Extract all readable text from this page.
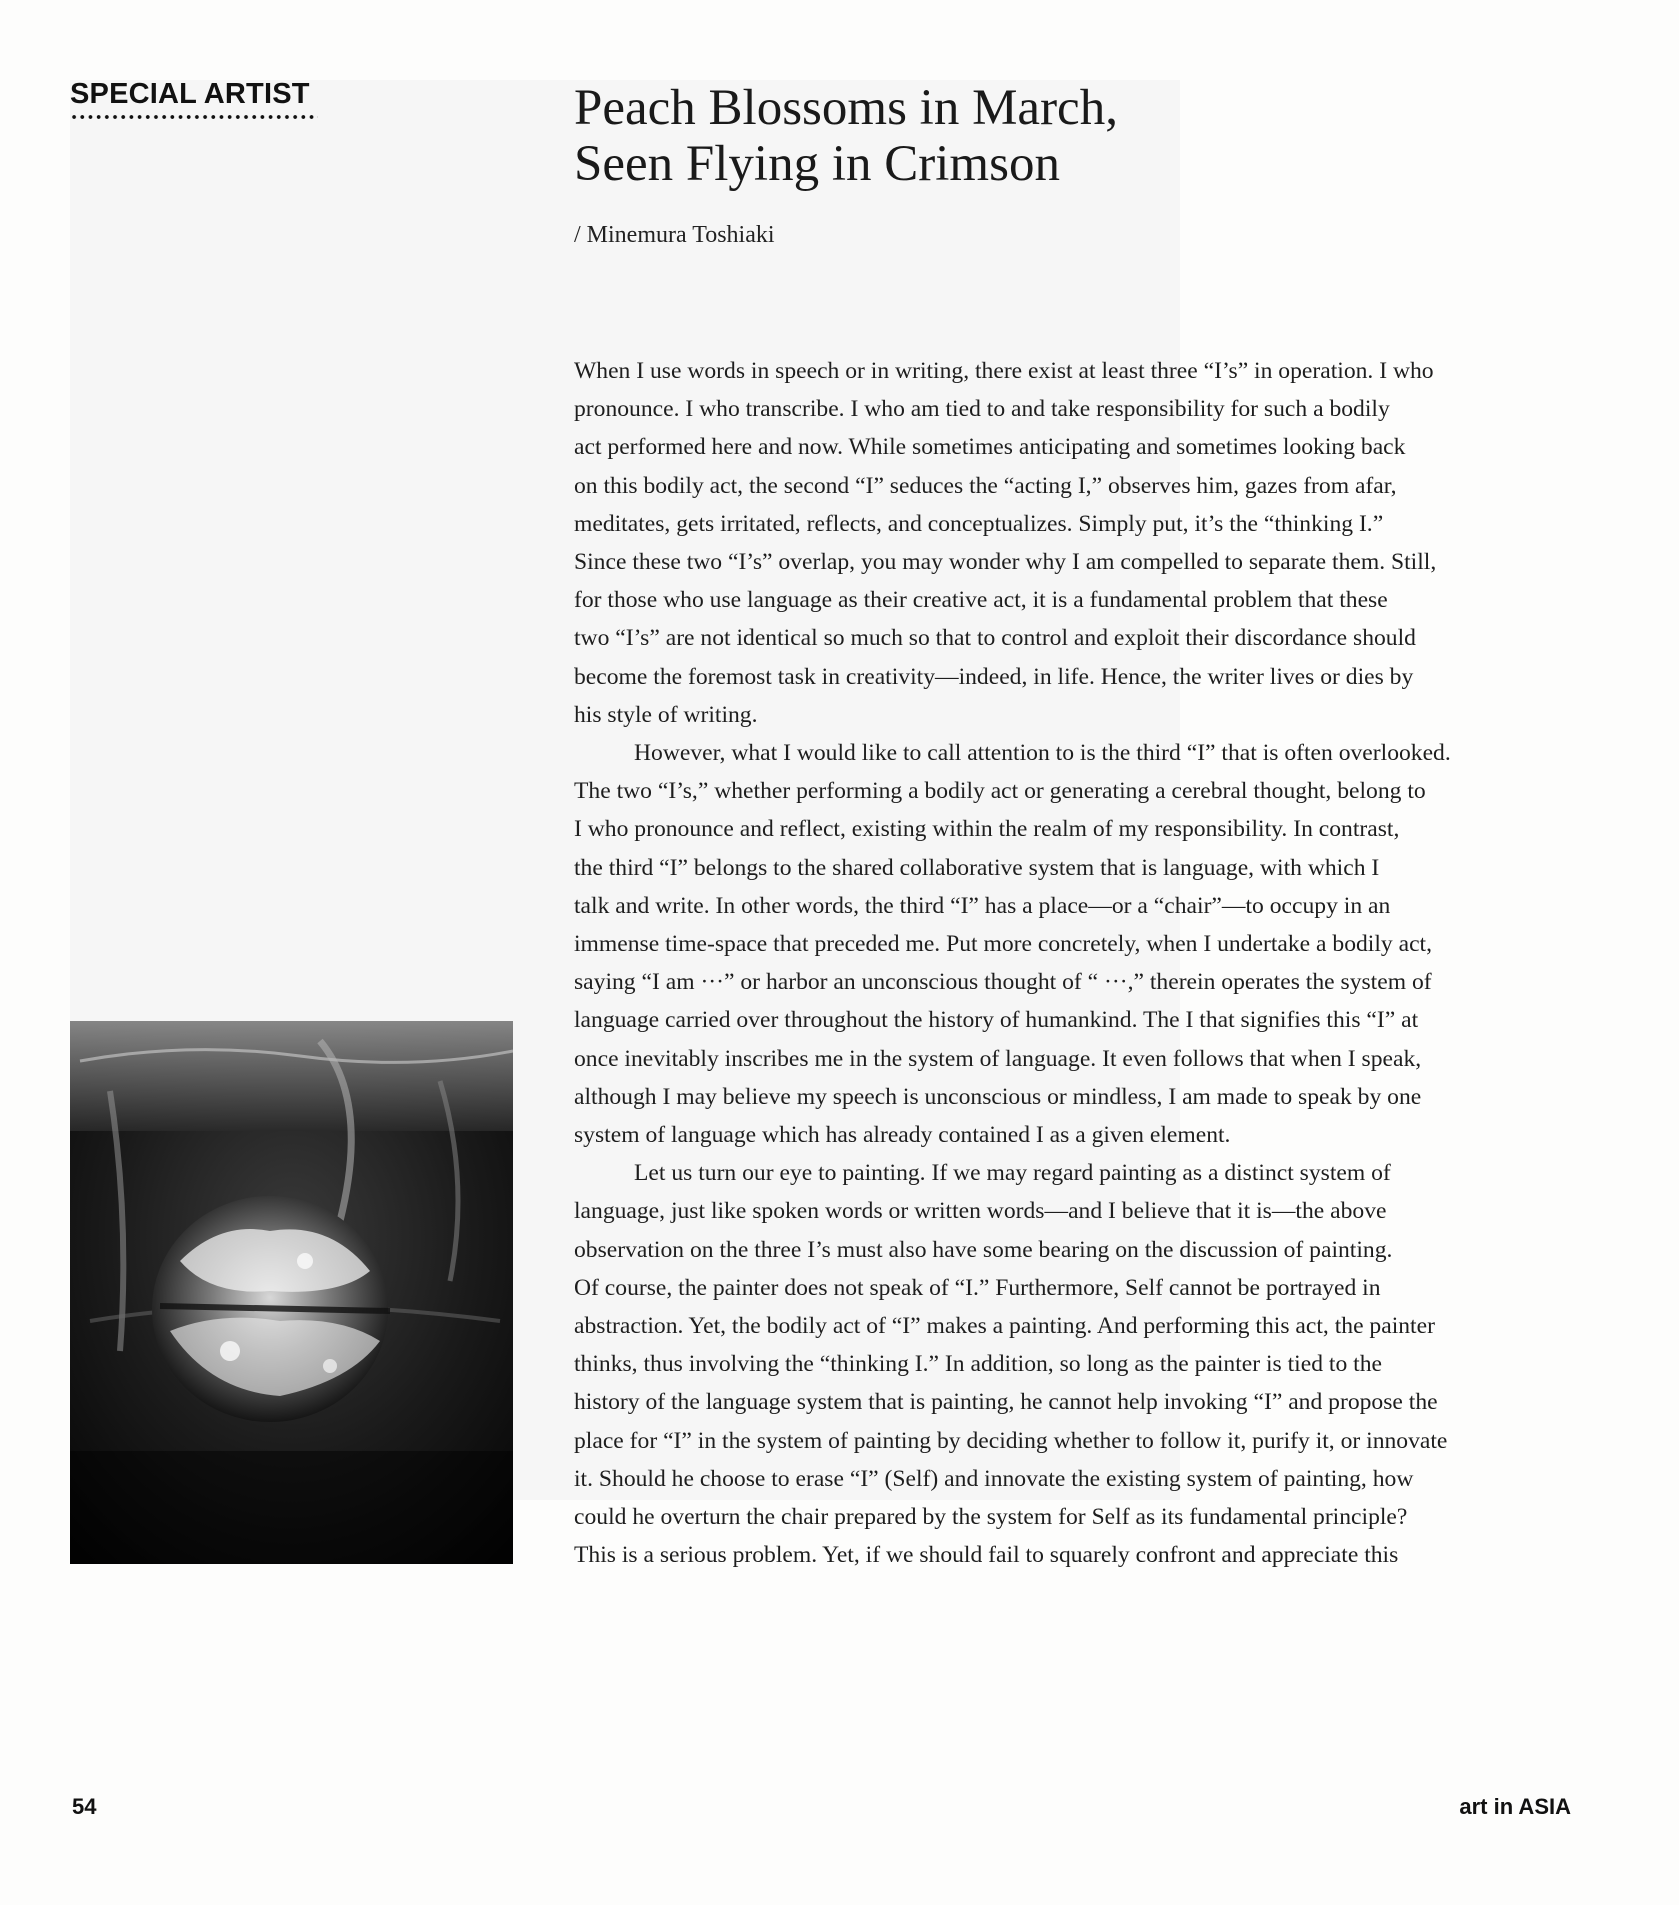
SPECIAL ARTIST	Peach Blossoms in March,
Seen Flying in Crimson
/ Minemura Toshiaki

When I use words in speech or in writing, there exist at least three “I’s” in operation. I who
pronounce. I who transcribe. I who am tied to and take responsibility for such a bodily
act performed here and now. While sometimes anticipating and sometimes looking back
on this bodily act, the second “I” seduces the “acting I,” observes him, gazes from afar,
meditates, gets irritated, reflects, and conceptualizes. Simply put, it’s the “thinking I.”
Since these two “I’s” overlap, you may wonder why I am compelled to separate them. Still,
for those who use language as their creative act, it is a fundamental problem that these
two “I’s” are not identical so much so that to control and exploit their discordance should
become the foremost task in creativity—indeed, in life. Hence, the writer lives or dies by
his style of writing.

However, what I would like to call attention to is the third “I” that is often overlooked.
The two “I’s,” whether performing a bodily act or generating a cerebral thought, belong to
I who pronounce and reflect, existing within the realm of my responsibility. In contrast,
the third “I” belongs to the shared collaborative system that is language, with which I
talk and write. In other words, the third “I” has a place—or a “chair”—to occupy in an
immense time-space that preceded me. Put more concretely, when I undertake a bodily act,
saying “I am ···” or harbor an unconscious thought of “ ···,” therein operates the system of
language carried over throughout the history of humankind. The I that signifies this “I” at
once inevitably inscribes me in the system of language. It even follows that when I speak,
although I may believe my speech is unconscious or mindless, I am made to speak by one
system of language which has already contained I as a given element.

Let us turn our eye to painting. If we may regard painting as a distinct system of
language, just like spoken words or written words—and I believe that it is—the above
observation on the three I’s must also have some bearing on the discussion of painting.
Of course, the painter does not speak of “I.” Furthermore, Self cannot be portrayed in
abstraction. Yet, the bodily act of “I” makes a painting. And performing this act, the painter
thinks, thus involving the “thinking I.” In addition, so long as the painter is tied to the
history of the language system that is painting, he cannot help invoking “I” and propose the
place for “I” in the system of painting by deciding whether to follow it, purify it, or innovate
it. Should he choose to erase “I” (Self) and innovate the existing system of painting, how
could he overturn the chair prepared by the system for Self as its fundamental principle?
This is a serious problem. Yet, if we should fail to squarely confront and appreciate this

54	art in ASIA
